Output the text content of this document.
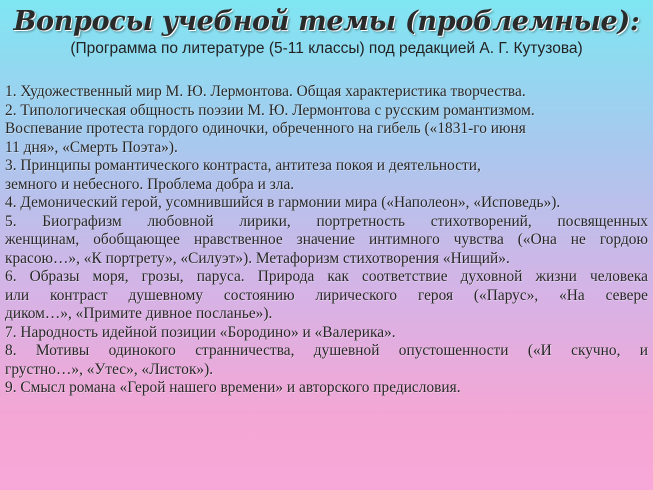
Вопросы учебной темы (проблемные):
(Программа по литературе (5-11 классы) под редакцией А. Г. Кутузова)
1. Художественный мир М. Ю. Лермонтова. Общая характеристика творчества.
2. Типологическая общность поэзии М. Ю. Лермонтова с русским романтизмом.
Воспевание протеста гордого одиночки, обреченного на гибель («1831-го июня
11 дня», «Смерть Поэта»).
3. Принципы романтического контраста, антитеза покоя и деятельности,
земного и небесного. Проблема добра и зла.
4. Демонический герой, усомнившийся в гармонии мира («Наполеон», «Исповедь»).
5. Биографизм любовной лирики, портретность стихотворений, посвященных
женщинам, обобщающее нравственное значение интимного чувства («Она не гордою
красою…», «К портрету», «Силуэт»). Метафоризм стихотворения «Нищий».
6. Образы моря, грозы, паруса. Природа как соответствие духовной жизни человека
или контраст душевному состоянию лирического героя («Парус», «На севере
диком…», «Примите дивное посланье»).
7. Народность идейной позиции «Бородино» и «Валерика».
8. Мотивы одинокого странничества, душевной опустошенности («И скучно, и
грустно…», «Утес», «Листок»).
9. Смысл романа «Герой нашего времени» и авторского предисловия.
